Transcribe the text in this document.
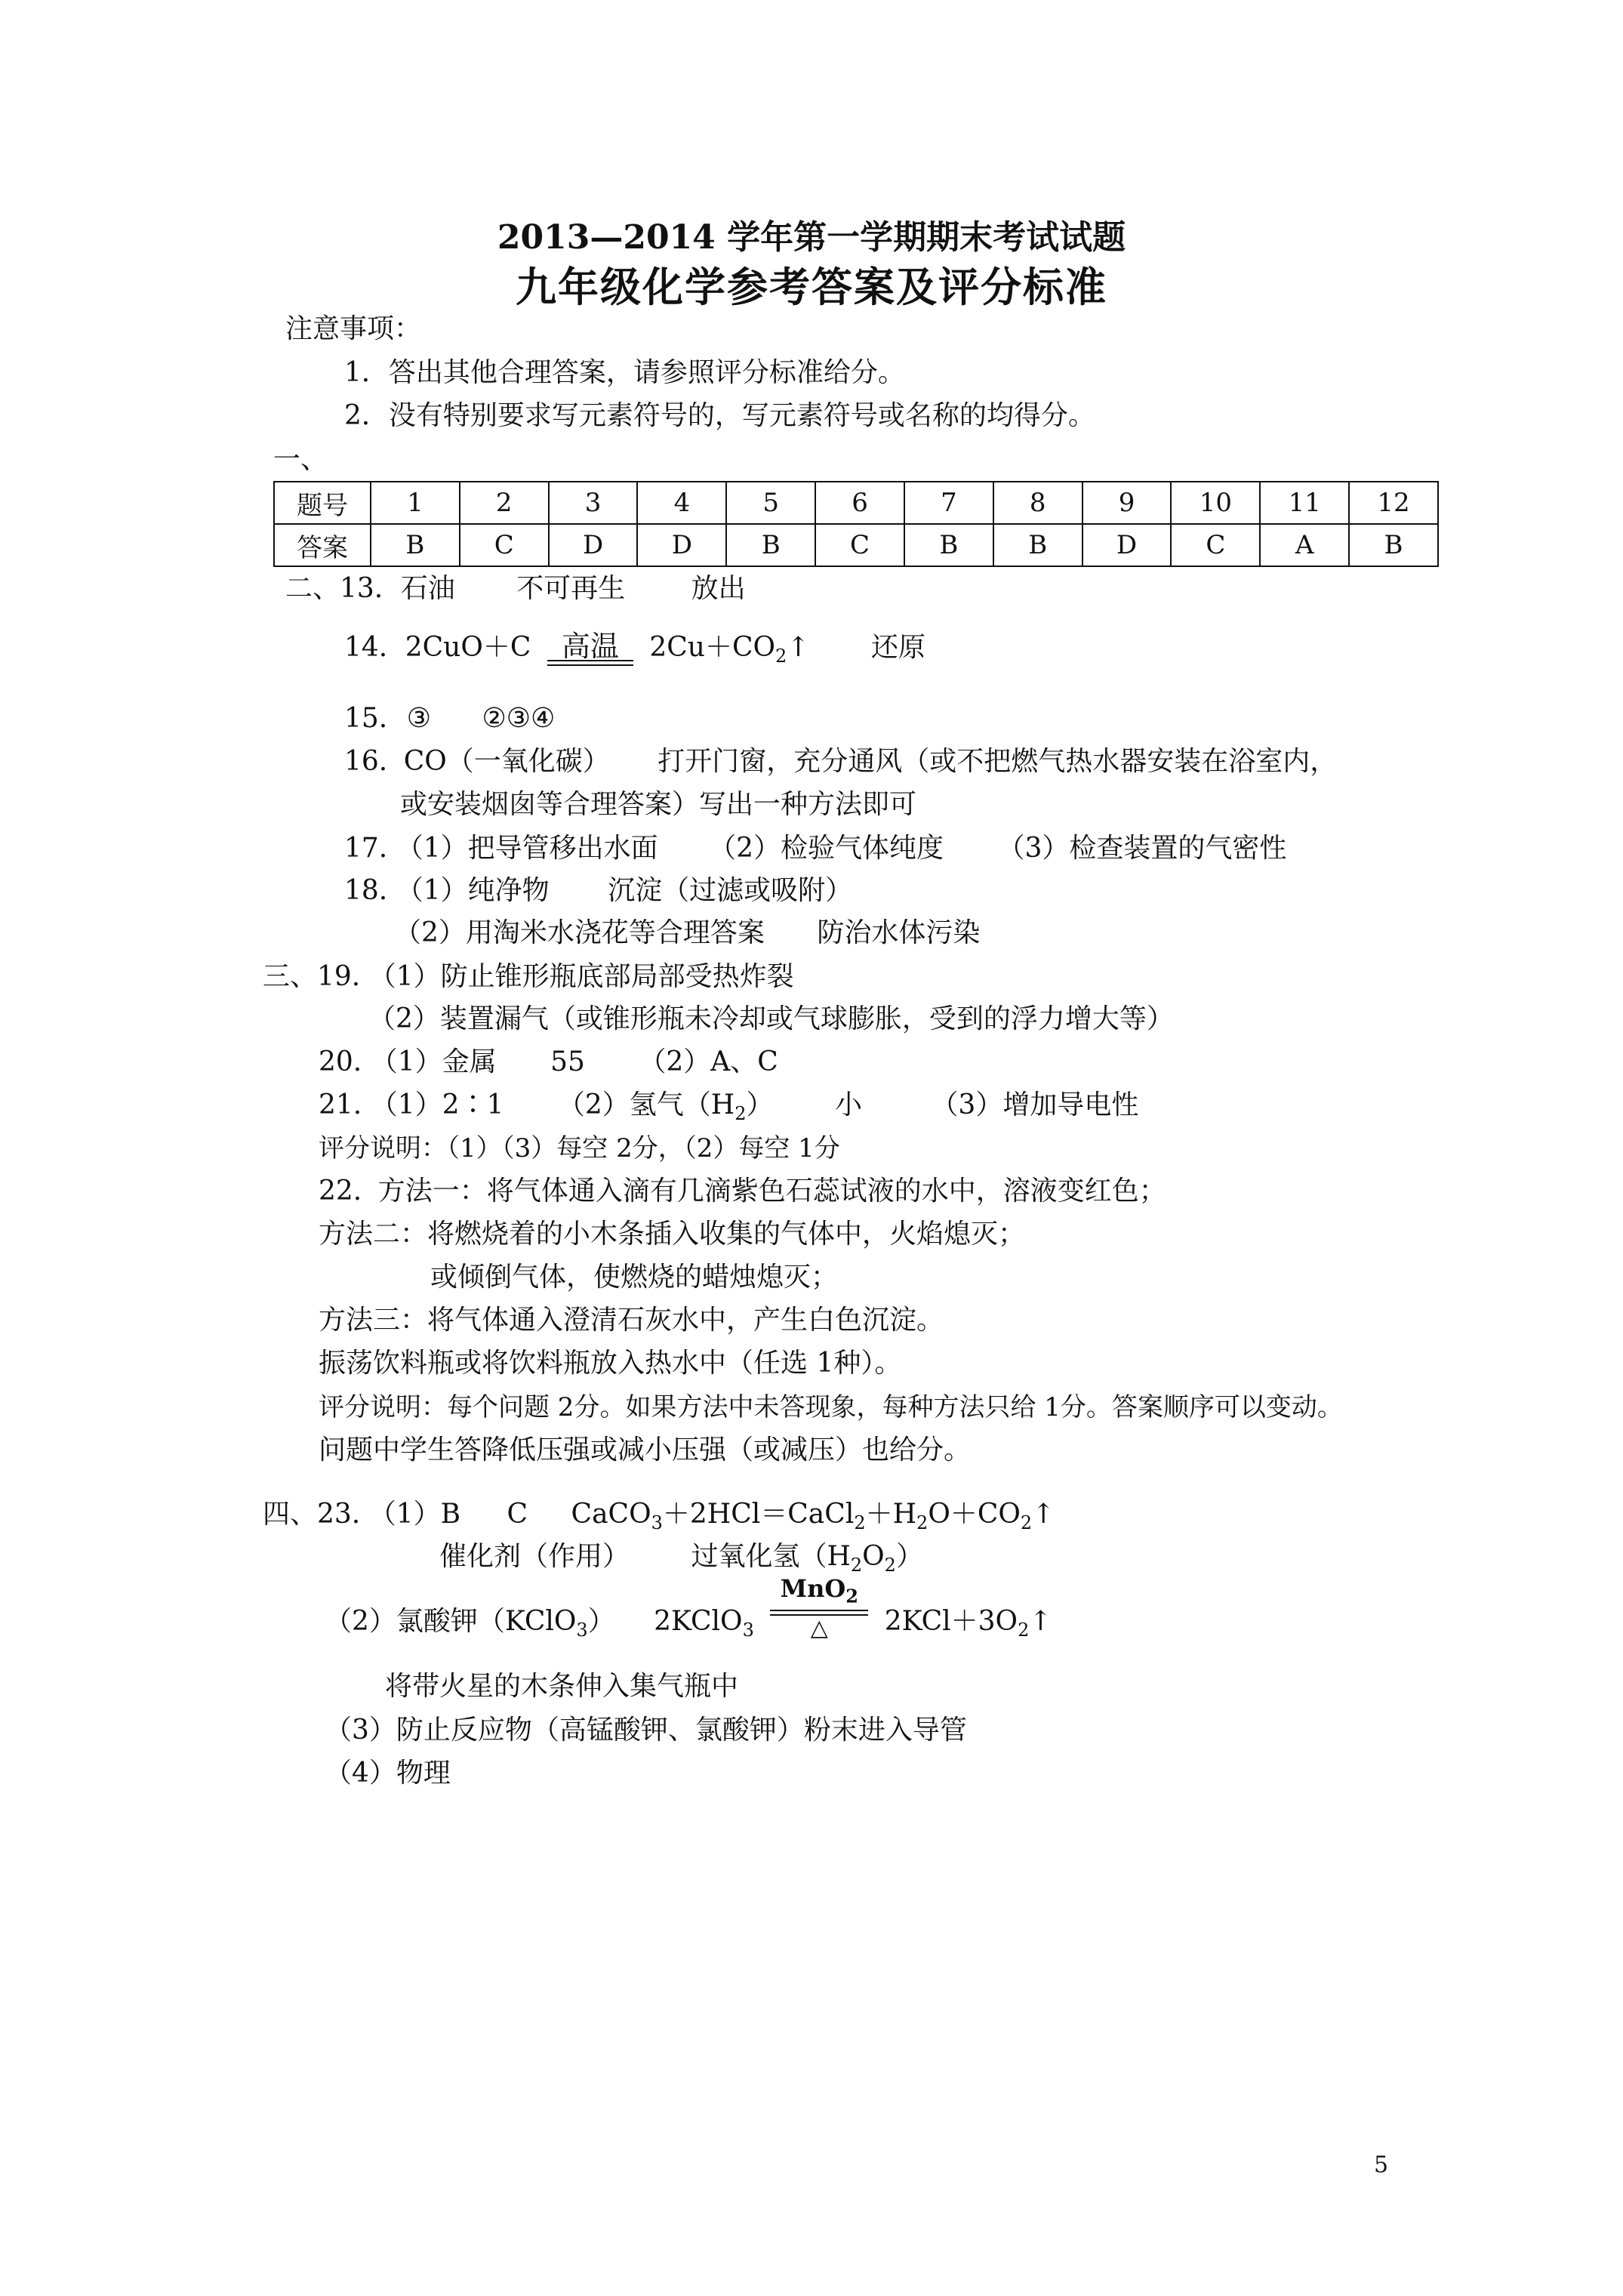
2013—2014 学年第一学期期末考试试题
九年级化学参考答案及评分标准
注意事项：
1．答出其他合理答案，请参照评分标准给分。
2．没有特别要求写元素符号的，写元素符号或名称的均得分。
一、
题号	1	2	3	4	5	6	7	8	9	10	11	12
答案	B	C	D	D	B	C	B	B	D	C	A	B
二、13. 石油 不可再生 放出
14. 2CuO＋C	高温	$2Cu+CO_2↑$ 还原
15. ③ ②③④
16. CO（一氧化碳） 打开门窗，充分通风（或不把燃气热水器安装在浴室内，
或安装烟囱等合理答案）写出一种方法即可
17. （1）把导管移出水面 （2）检验气体纯度 （3）检查装置的气密性
18. （1）纯净物 沉淀（过滤或吸附）
（2）用淘米水浇花等合理答案 防治水体污染
三、19. （1）防止锥形瓶底部局部受热炸裂
（2）装置漏气（或锥形瓶未冷却或气球膨胀，受到的浮力增大等）
20. （1）金属 55 （2）A、C
21. （1）2∶1 （2）氢气$(H_2)$ 小	（3）增加导电性
评分说明：（1）（3）每空 2分，（2）每空 1分
22. 方法一：将气体通入滴有几滴紫色石蕊试液的水中，溶液变红色；
方法二：将燃烧着的小木条插入收集的气体中，火焰熄灭；
或倾倒气体，使燃烧的蜡烛熄灭；
方法三：将气体通入澄清石灰水中，产生白色沉淀。
振荡饮料瓶或将饮料瓶放入热水中（任选 1种）。
评分说明：每个问题 2分。如果方法中未答现象，每种方法只给 1分。答案顺序可以变动。
问题中学生答降低压强或减小压强（或减压）也给分。
四、23. （1）B C $CaCO_3+2HCl=CaCl_2+H_2O+CO_2↑$
催化剂（作用） 过氧化氢$(H_2O_2)$
（2）氯酸钾（KClO$_3$） 2KClO$_3$
MnO$_2$
△	$2KCl+3O_2↑$
将带火星的木条伸入集气瓶中
（3）防止反应物（高锰酸钾、氯酸钾）粉末进入导管
（4）物理
5
